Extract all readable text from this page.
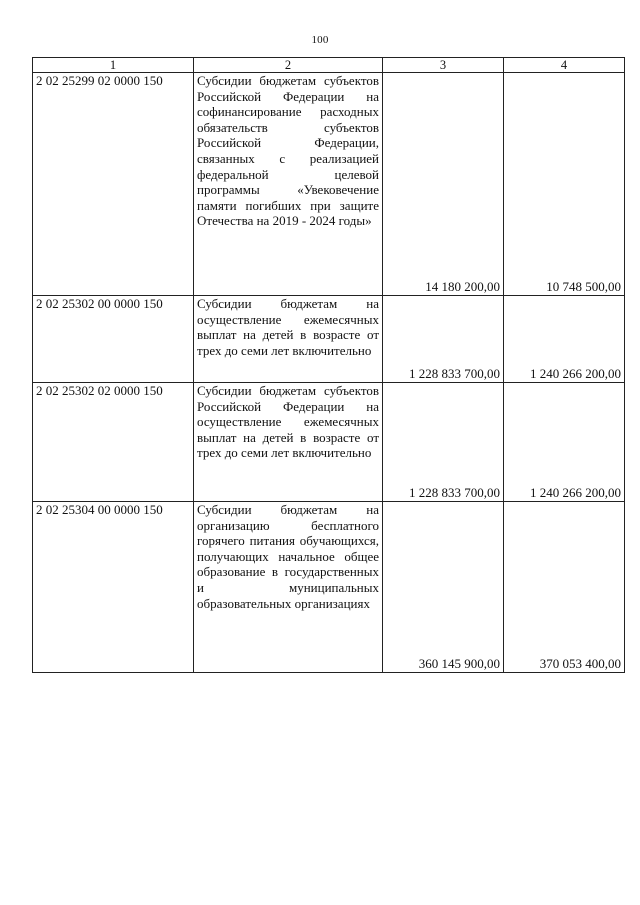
100
1	2	3	4
2 02 25299 02 0000 150	Субсидии бюджетам субъектов Российской Федерации на софинансирование расходных обязательств субъектов Российской Федерации, связанных с реализацией федеральной целевой программы «Увековечение памяти погибших при защите Отечества на 2019 - 2024 годы»	14 180 200,00	10 748 500,00
2 02 25302 00 0000 150	Субсидии бюджетам на осуществление ежемесячных выплат на детей в возрасте от трех до семи лет включительно	1 228 833 700,00	1 240 266 200,00
2 02 25302 02 0000 150	Субсидии бюджетам субъектов Российской Федерации на осуществление ежемесячных выплат на детей в возрасте от трех до семи лет включительно	1 228 833 700,00	1 240 266 200,00
2 02 25304 00 0000 150	Субсидии бюджетам на организацию бесплатного горячего питания обучающихся, получающих начальное общее образование в государственных и муниципальных образовательных организациях	360 145 900,00	370 053 400,00
